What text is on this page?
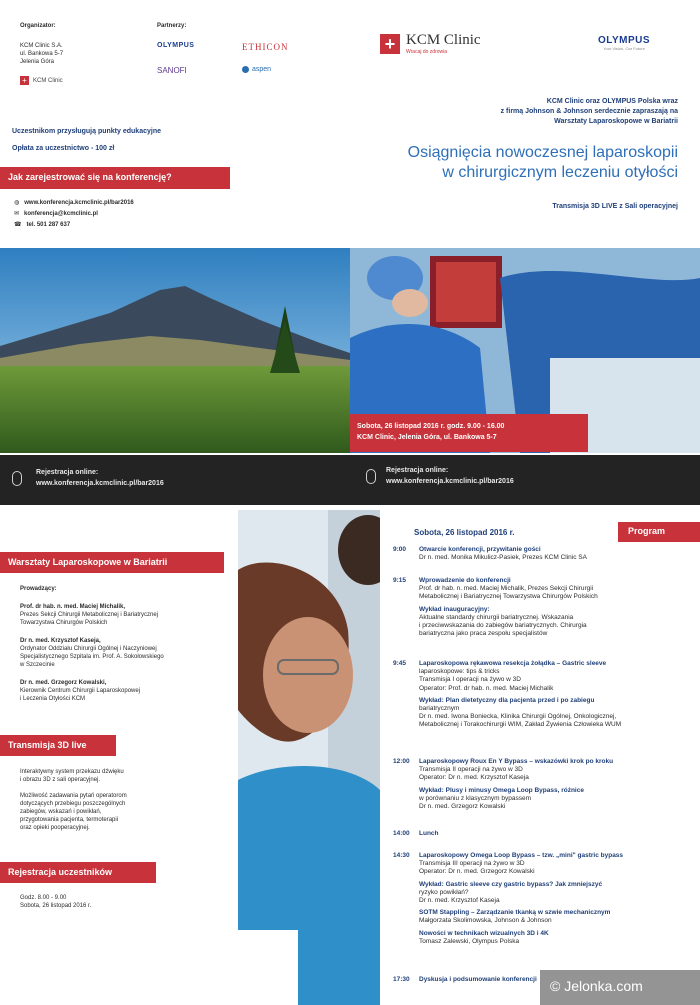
Organizator:
KCM Clinic S.A.
ul. Bankowa 5-7
Jelenia Góra
+	KCM Clinic
Partnerzy:
OLYMPUS	ETHICON
SANOFI	aspen
+ KCM Clinic
Wracaj do zdrowia
OLYMPUS
Your Vision, Our Future
Uczestnikom przysługują punkty edukacyjne
Opłata za uczestnictwo - 100 zł
Jak zarejestrować się na konferencję?
◍ www.konferencja.kcmclinic.pl/bar2016
✉ konferencja@kcmclinic.pl
☎ tel. 501 287 637
KCM Clinic oraz OLYMPUS Polska wraz
z firmą Johnson & Johnson serdecznie zapraszają na
Warsztaty Laparoskopowe w Bariatrii
Osiągnięcia nowoczesnej laparoskopii
w chirurgicznym leczeniu otyłości
Transmisja 3D LIVE z Sali operacyjnej
Sobota, 26 listopad 2016 r. godz. 9.00 - 16.00
KCM Clinic, Jelenia Góra, ul. Bankowa 5-7
Rejestracja online:
www.konferencja.kcmclinic.pl/bar2016
Rejestracja online:
www.konferencja.kcmclinic.pl/bar2016
Warsztaty Laparoskopowe w Bariatrii
Prowadzący:
Prof. dr hab. n. med. Maciej Michalik,
Prezes Sekcji Chirurgii Metabolicznej i Bariatrycznej
Towarzystwa Chirurgów Polskich
Dr n. med. Krzysztof Kaseja,
Ordynator Oddziału Chirurgii Ogólnej i Naczyniowej
Specjalistycznego Szpitala im. Prof. A. Sokołowskiego
w Szczecinie
Dr n. med. Grzegorz Kowalski,
Kierownik Centrum Chirurgii Laparoskopowej
i Leczenia Otyłości KCM
Transmisja 3D live
Interaktywny system przekazu dźwięku
i obrazu 3D z sali operacyjnej.
Możliwość zadawania pytań operatorom
dotyczących przebiegu poszczególnych
zabiegów, wskazań i powikłań,
przygotowania pacjenta, termoterapii
oraz opieki pooperacyjnej.
Rejestracja uczestników
Godz. 8.00 - 9.00
Sobota, 26 listopad 2016 r.
Sobota, 26 listopad 2016 r.	Program
9:00	Otwarcie konferencji, przywitanie gości
Dr n. med. Monika Mikulicz-Pasiek, Prezes KCM Clinic SA
9:15	Wprowadzenie do konferencji
Prof. dr hab. n. med. Maciej Michalik, Prezes Sekcji Chirurgii
Metabolicznej i Bariatrycznej Towarzystwa Chirurgów Polskich
Wykład inauguracyjny:
Aktualne standardy chirurgii bariatrycznej. Wskazania
i przeciwwskazania do zabiegów bariatrycznych. Chirurgia
bariatryczna jako praca zespołu specjalistów
9:45	Laparoskopowa rękawowa resekcja żołądka – Gastric sleeve
laparoskopowe: tips & tricks
Transmisja I operacji na żywo w 3D
Operator: Prof. dr hab. n. med. Maciej Michalik
Wykład: Plan dietetyczny dla pacjenta przed i po zabiegu
bariatrycznym
Dr n. med. Iwona Boniecka, Klinika Chirurgii Ogólnej, Onkologicznej,
Metabolicznej i Torakochirurgii WIM, Zakład Żywienia Człowieka WUM
12:00	Laparoskopowy Roux En Y Bypass – wskazówki krok po kroku
Transmisja II operacji na żywo w 3D
Operator: Dr n. med. Krzysztof Kaseja
Wykład: Plusy i minusy Omega Loop Bypass, różnice
w porównaniu z klasycznym bypassem
Dr n. med. Grzegorz Kowalski
14:00	Lunch
14:30	Laparoskopowy Omega Loop Bypass – tzw. „mini" gastric bypass
Transmisja III operacji na żywo w 3D
Operator: Dr n. med. Grzegorz Kowalski
Wykład: Gastric sleeve czy gastric bypass? Jak zmniejszyć
ryzyko powikłań?
Dr n. med. Krzysztof Kaseja
SOTM Stappling – Zarządzanie tkanką w szwie mechanicznym
Małgorzata Skolimowska, Johnson & Johnson
Nowości w technikach wizualnych 3D i 4K
Tomasz Zalewski, Olympus Polska
17:30	Dyskusja i podsumowanie konferencji © Jelonka.com
